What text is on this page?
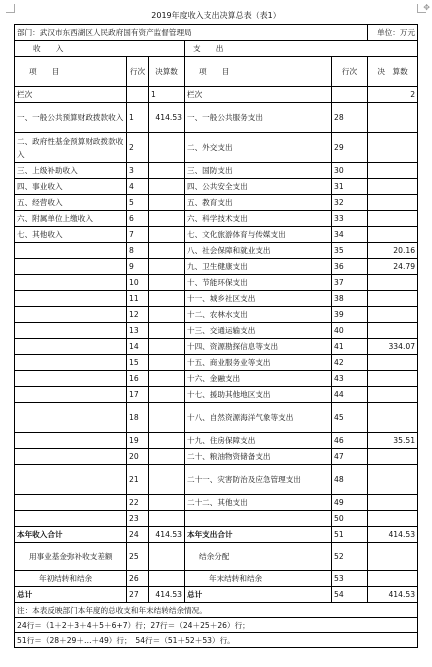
✥
2019年度收入支出决算总表（表1）
部门：武汉市东西湖区人民政府国有资产监督管理局					单位：万元
收　　入			支　　出		
项　　目	行次	决算数	项　　目	行次	决　算数
栏次		1	栏次		2
一、一般公共预算财政拨款收入	1	414.53	一、一般公共服务支出	28	
二、政府性基金预算财政拨款收入	2		二、外交支出	29	
三、上级补助收入	3		三、国防支出	30	
四、事业收入	4		四、公共安全支出	31	
五、经营收入	5		五、教育支出	32	
六、附属单位上缴收入	6		六、科学技术支出	33	
七、其他收入	7		七、文化旅游体育与传媒支出	34	
	8		八、社会保障和就业支出	35	20.16
	9		九、卫生健康支出	36	24.79
	10		十、节能环保支出	37	
	11		十一、城乡社区支出	38	
	12		十二、农林水支出	39	
	13		十三、交通运输支出	40	
	14		十四、资源勘探信息等支出	41	334.07
	15		十五、商业服务业等支出	42	
	16		十六、金融支出	43	
	17		十七、援助其他地区支出	44	
	18		十八、自然资源海洋气象等支出	45	
	19		十九、住房保障支出	46	35.51
	20		二十、粮油物资储备支出	47	
	21		二十一、灾害防治及应急管理支出	48	
	22		二十二、其他支出	49	
	23			50	
本年收入合计	24	414.53	本年支出合计	51	414.53
用事业基金弥补收支差额	25		结余分配	52	
年初结转和结余	26		年末结转和结余	53	
总计	27	414.53	总计	54	414.53
注：本表反映部门本年度的总收支和年末结转结余情况。					
24行＝（1＋2＋3＋4＋5＋6+7）行；27行＝（24＋25＋26）行；					
51行＝（28＋29＋…＋49）行；　54行＝（51＋52＋53）行。					
